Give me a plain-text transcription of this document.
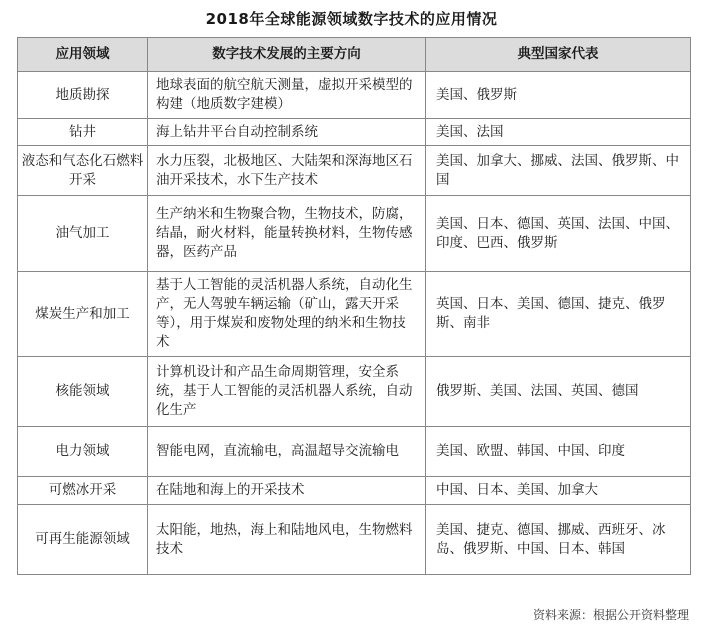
2018年全球能源领域数字技术的应用情况
应用领域	数字技术发展的主要方向	典型国家代表
地质勘探	地球表面的航空航天测量，虚拟开采模型的构建（地质数字建模）	美国、俄罗斯
钻井	海上钻井平台自动控制系统	美国、法国
液态和气态化石燃料开采	水力压裂，北极地区、大陆架和深海地区石油开采技术，水下生产技术	美国、加拿大、挪威、法国、俄罗斯、中国
油气加工	生产纳米和生物聚合物，生物技术，防腐，结晶，耐火材料，能量转换材料，生物传感器，医药产品	美国、日本、德国、英国、法国、中国、印度、巴西、俄罗斯
煤炭生产和加工	基于人工智能的灵活机器人系统，自动化生产，无人驾驶车辆运输（矿山，露天开采等），用于煤炭和废物处理的纳米和生物技术	英国、日本、美国、德国、捷克、俄罗斯、南非
核能领域	计算机设计和产品生命周期管理，安全系统，基于人工智能的灵活机器人系统，自动化生产	俄罗斯、美国、法国、英国、德国
电力领域	智能电网，直流输电，高温超导交流输电	美国、欧盟、韩国、中国、印度
可燃冰开采	在陆地和海上的开采技术	中国、日本、美国、加拿大
可再生能源领域	太阳能，地热，海上和陆地风电，生物燃料技术	美国、捷克、德国、挪威、西班牙、冰岛、俄罗斯、中国、日本、韩国
资料来源：根据公开资料整理
